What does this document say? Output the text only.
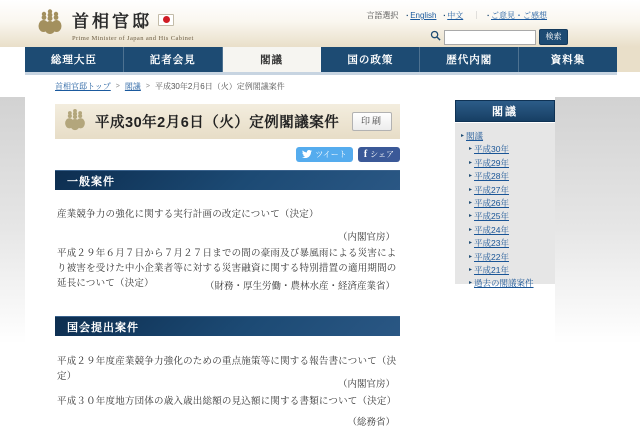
首相官邸
Prime Minister of Japan and His Cabinet
言語選択 ▪ English ▪ 中文 ｜ ▪ ご意見・ご感想
検索
総理大臣	記者会見	閣議	国の政策	歴代内閣	資料集
首相官邸トップ > 閣議 > 平成30年2月6日（火）定例閣議案件
平成30年2月6日（火）定例閣議案件	印刷
ツイート f シェア
一般案件
産業競争力の強化に関する実行計画の改定について（決定）
（内閣官房）
平成２９年６月７日から７月２７日までの間の豪雨及び暴風雨による災害により被害を受けた中小企業者等に対する災害融資に関する特別措置の適用期間の延長について（決定）	（財務・厚生労働・農林水産・経済産業省）
国会提出案件
平成２９年度産業競争力強化のための重点施策等に関する報告書について（決定）
（内閣官房）
平成３０年度地方団体の歳入歳出総額の見込額に関する書類について（決定）
（総務省）
閣議
▸ 閣議
▸ 平成30年
▸ 平成29年
▸ 平成28年
▸ 平成27年
▸ 平成26年
▸ 平成25年
▸ 平成24年
▸ 平成23年
▸ 平成22年
▸ 平成21年
▸ 過去の閣議案件
